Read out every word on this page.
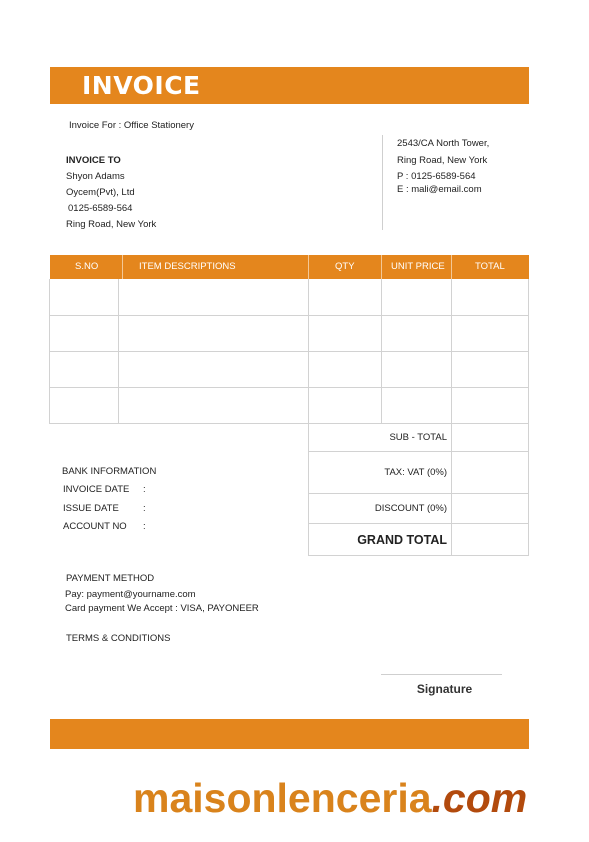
INVOICE
Invoice For : Office Stationery
2543/CA North Tower,
Ring Road, New York
P : 0125-6589-564
E : mali@email.com
INVOICE TO
Shyon Adams
Oycem(Pvt), Ltd
0125-6589-564
Ring Road, New York
S.NO	ITEM DESCRIPTIONS	QTY	UNIT PRICE	TOTAL
SUB - TOTAL
TAX: VAT (0%)
DISCOUNT (0%)
GRAND TOTAL
BANK INFORMATION
INVOICE DATE :
ISSUE DATE	:
ACCOUNT NO :
PAYMENT METHOD
Pay: payment@yourname.com
Card payment We Accept : VISA, PAYONEER
TERMS & CONDITIONS
Signature
maisonlenceria.com
